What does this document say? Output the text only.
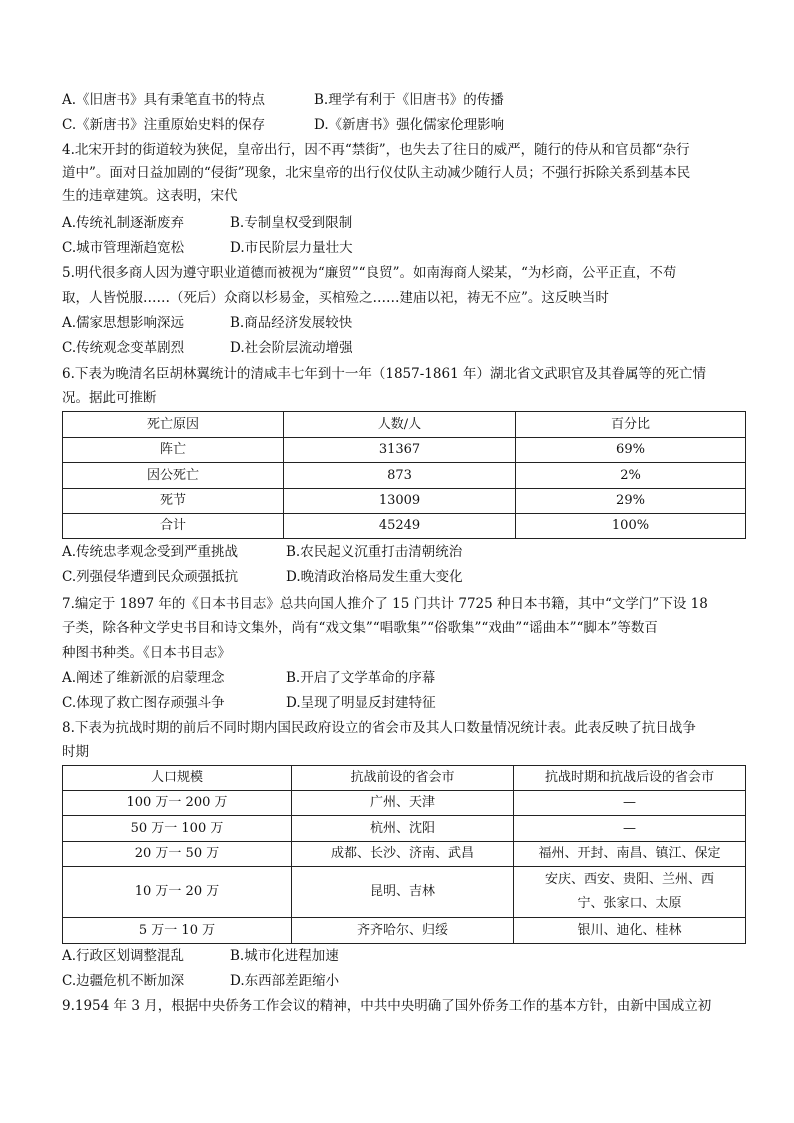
A.《旧唐书》具有秉笔直书的特点	B.理学有利于《旧唐书》的传播
C.《新唐书》注重原始史料的保存	D.《新唐书》强化儒家伦理影响
4.北宋开封的街道较为狭促，皇帝出行，因不再“禁街”，也失去了往日的威严，随行的侍从和官员都“杂行
道中”。面对日益加剧的“侵街”现象，北宋皇帝的出行仪仗队主动减少随行人员；不强行拆除关系到基本民
生的违章建筑。这表明，宋代
A.传统礼制逐渐废弃	B.专制皇权受到限制
C.城市管理渐趋宽松	D.市民阶层力量壮大
5.明代很多商人因为遵守职业道德而被视为“廉贸”“良贸”。如南海商人梁某，“为杉商，公平正直，不苟
取，人皆悦服……（死后）众商以杉易金，买棺殓之……建庙以祀，祷无不应”。这反映当时
A.儒家思想影响深远	B.商品经济发展较快
C.传统观念变革剧烈	D.社会阶层流动增强
6.下表为晚清名臣胡林翼统计的清咸丰七年到十一年（1857-1861 年）湖北省文武职官及其眷属等的死亡情
况。据此可推断
死亡原因	人数/人	百分比
阵亡	31367	69%
因公死亡	873	2%
死节	13009	29%
合计	45249	100%
A.传统忠孝观念受到严重挑战	B.农民起义沉重打击清朝统治
C.列强侵华遭到民众顽强抵抗	D.晚清政治格局发生重大变化
7.编定于 1897 年的《日本书目志》总共向国人推介了 15 门共计 7725 种日本书籍，其中“文学门”下设 18
子类，除各种文学史书目和诗文集外，尚有“戏文集”“唱歌集”“俗歌集”“戏曲”“谣曲本”“脚本”等数百
种图书种类。《日本书目志》
A.阐述了维新派的启蒙理念	B.开启了文学革命的序幕
C.体现了救亡图存顽强斗争	D.呈现了明显反封建特征
8.下表为抗战时期的前后不同时期内国民政府设立的省会市及其人口数量情况统计表。此表反映了抗日战争
时期
人口规模	抗战前设的省会市	抗战时期和抗战后设的省会市
100 万一 200 万	广州、天津	—
50 万一 100 万	杭州、沈阳	—
20 万一 50 万	成都、长沙、济南、武昌	福州、开封、南昌、镇江、保定
10 万一 20 万	昆明、吉林	安庆、西安、贵阳、兰州、西宁、张家口、太原
5 万一 10 万	齐齐哈尔、归绥	银川、迪化、桂林
A.行政区划调整混乱	B.城市化进程加速
C.边疆危机不断加深	D.东西部差距缩小
9.1954 年 3 月，根据中央侨务工作会议的精神，中共中央明确了国外侨务工作的基本方针，由新中国成立初
